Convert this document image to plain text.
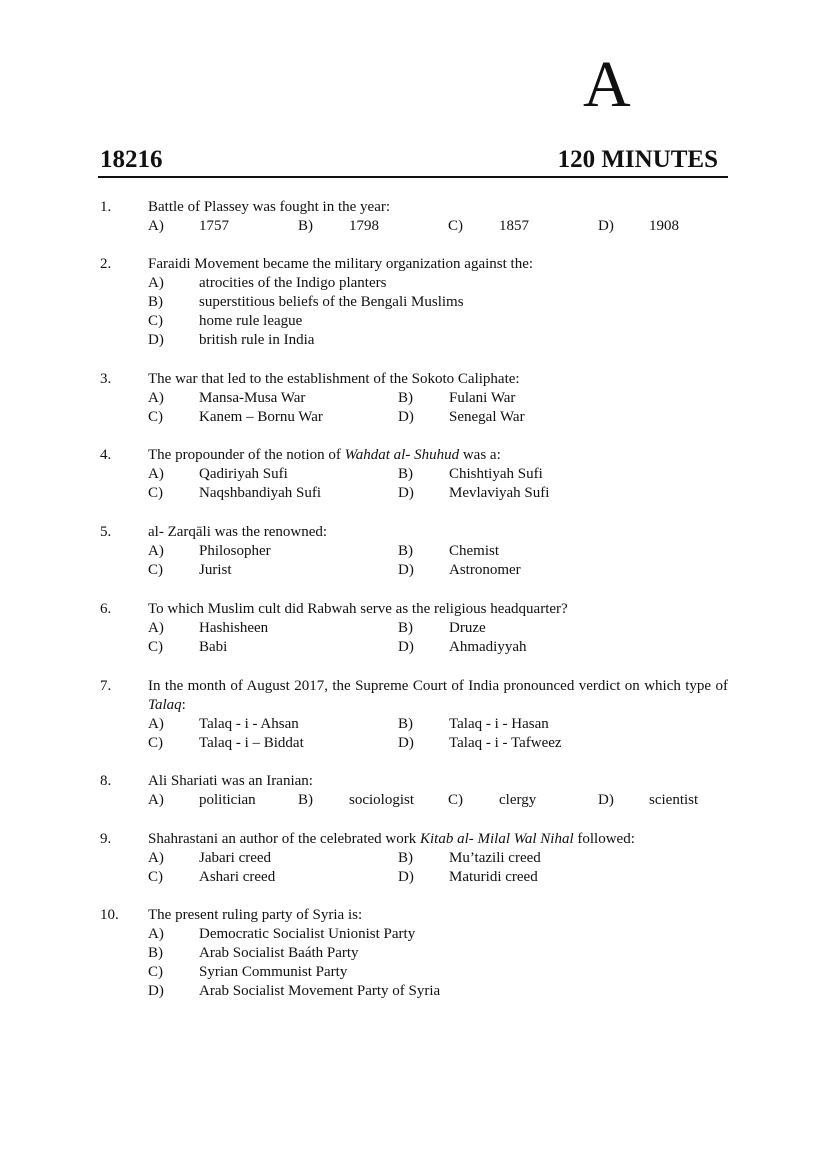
A
18216	120 MINUTES
1. Battle of Plassey was fought in the year:
A) 1757	B) 1798	C) 1857	D) 1908
2. Faraidi Movement became the military organization against the:
A) atrocities of the Indigo planters
B) superstitious beliefs of the Bengali Muslims
C) home rule league
D) british rule in India
3. The war that led to the establishment of the Sokoto Caliphate:
A) Mansa-Musa War	B) Fulani War
C) Kanem – Bornu War	D) Senegal War
4. The propounder of the notion of Wahdat al- Shuhud was a:
A) Qadiriyah Sufi	B) Chishtiyah Sufi
C) Naqshbandiyah Sufi	D) Mevlaviyah Sufi
5. al- Zarqāli was the renowned:
A) Philosopher	B) Chemist
C) Jurist	D) Astronomer
6. To which Muslim cult did Rabwah serve as the religious headquarter?
A) Hashisheen	B) Druze
C) Babi	D) Ahmadiyyah
7. In the month of August 2017, the Supreme Court of India pronounced verdict on which type of Talaq:
A) Talaq - i - Ahsan	B) Talaq - i - Hasan
C) Talaq - i – Biddat	D) Talaq - i - Tafweez
8. Ali Shariati was an Iranian:
A) politician	B) sociologist C) clergy	D) scientist
9. Shahrastani an author of the celebrated work Kitab al- Milal Wal Nihal followed:
A) Jabari creed	B) Mu’tazili creed
C) Ashari creed	D) Maturidi creed
10. The present ruling party of Syria is:
A) Democratic Socialist Unionist Party
B) Arab Socialist Baáth Party
C) Syrian Communist Party
D) Arab Socialist Movement Party of Syria
